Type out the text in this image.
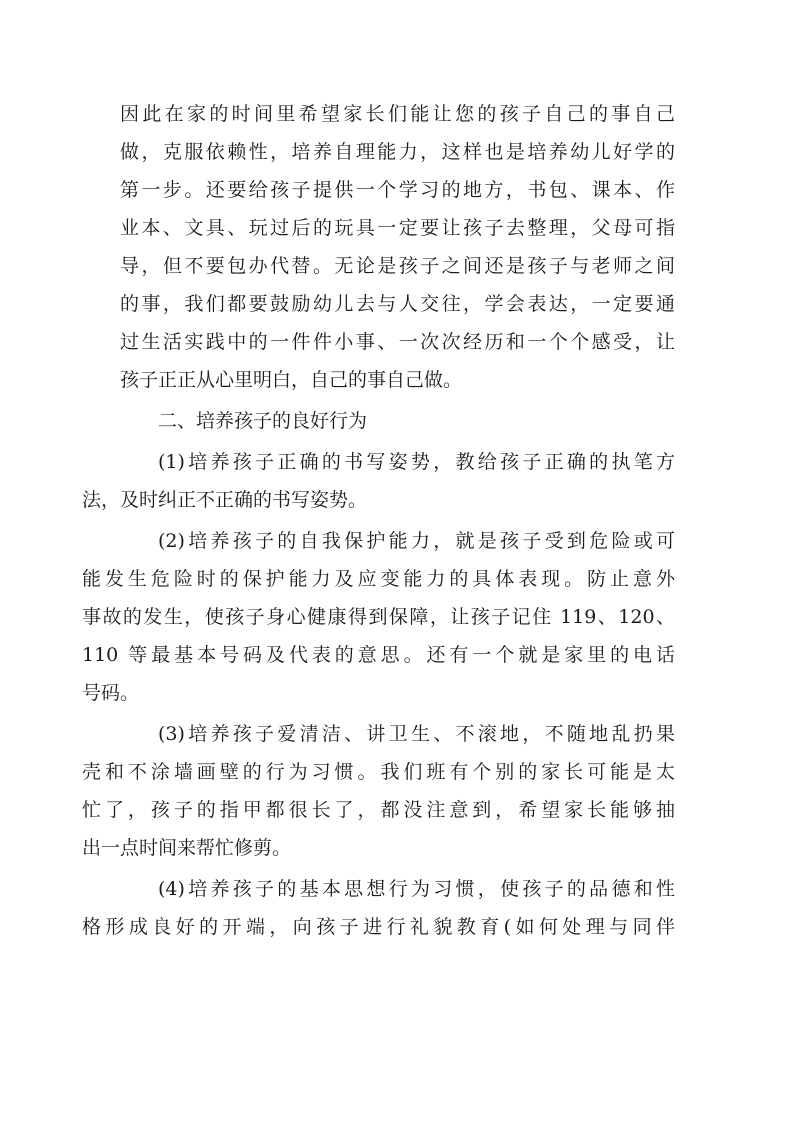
因此在家的时间里希望家长们能让您的孩子自己的事自己
做，克服依赖性，培养自理能力，这样也是培养幼儿好学的
第一步。还要给孩子提供一个学习的地方，书包、课本、作
业本、文具、玩过后的玩具一定要让孩子去整理，父母可指
导，但不要包办代替。无论是孩子之间还是孩子与老师之间
的事，我们都要鼓励幼儿去与人交往，学会表达，一定要通
过生活实践中的一件件小事、一次次经历和一个个感受，让
孩子正正从心里明白，自己的事自己做。

二、培养孩子的良好行为

(1)培养孩子正确的书写姿势，教给孩子正确的执笔方
法，及时纠正不正确的书写姿势。

(2)培养孩子的自我保护能力，就是孩子受到危险或可
能发生危险时的保护能力及应变能力的具体表现。防止意外
事故的发生，使孩子身心健康得到保障，让孩子记住 119、120、
110 等最基本号码及代表的意思。还有一个就是家里的电话
号码。

(3)培养孩子爱清洁、讲卫生、不滚地，不随地乱扔果
壳和不涂墙画壁的行为习惯。我们班有个别的家长可能是太
忙了，孩子的指甲都很长了，都没注意到，希望家长能够抽
出一点时间来帮忙修剪。

(4)培养孩子的基本思想行为习惯，使孩子的品德和性
格形成良好的开端，向孩子进行礼貌教育(如何处理与同伴
